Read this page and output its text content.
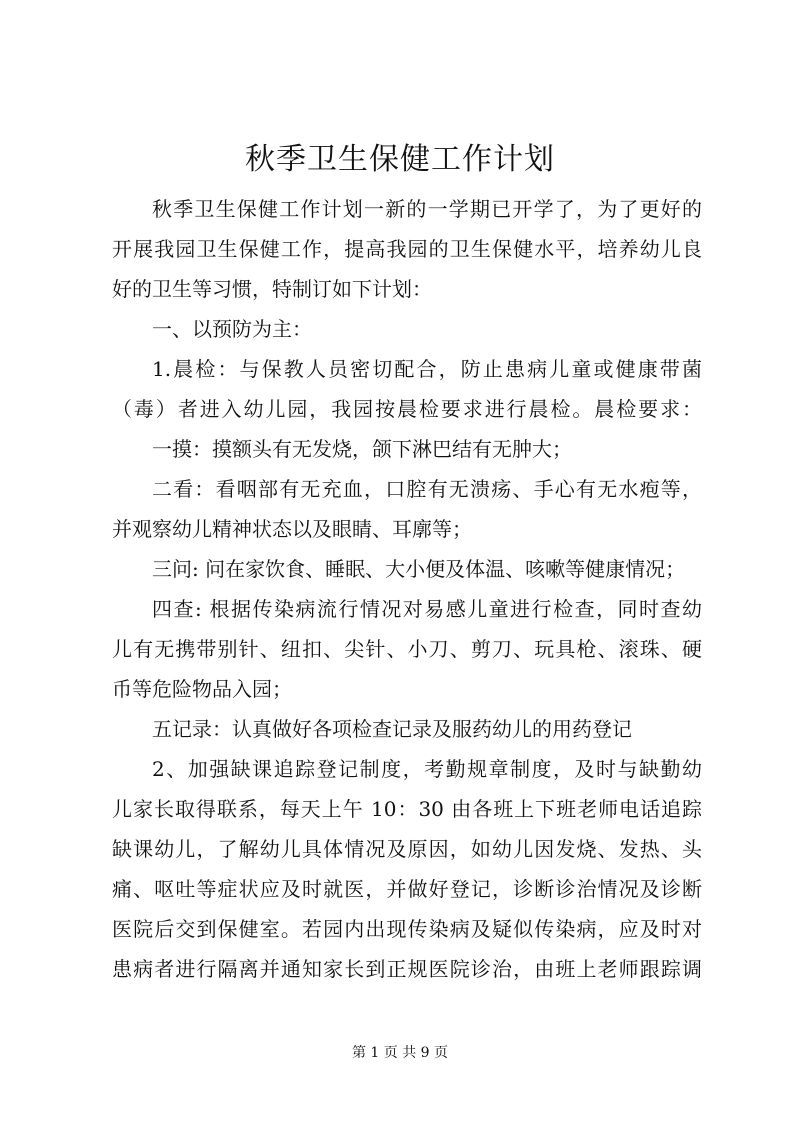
秋季卫生保健工作计划
秋季卫生保健工作计划一新的一学期已开学了，为了更好的
开展我园卫生保健工作，提高我园的卫生保健水平，培养幼儿良
好的卫生等习惯，特制订如下计划：
一、以预防为主：
1.晨检：与保教人员密切配合，防止患病儿童或健康带菌
（毒）者进入幼儿园，我园按晨检要求进行晨检。晨检要求：
一摸：摸额头有无发烧，颌下淋巴结有无肿大；
二看：看咽部有无充血，口腔有无溃疡、手心有无水疱等，
并观察幼儿精神状态以及眼睛、耳廓等；
三问: 问在家饮食、睡眠、大小便及体温、咳嗽等健康情况；
四查: 根据传染病流行情况对易感儿童进行检查，同时查幼
儿有无携带别针、纽扣、尖针、小刀、剪刀、玩具枪、滚珠、硬
币等危险物品入园；
五记录：认真做好各项检查记录及服药幼儿的用药登记
2、加强缺课追踪登记制度，考勤规章制度，及时与缺勤幼
儿家长取得联系，每天上午 10：30 由各班上下班老师电话追踪
缺课幼儿，了解幼儿具体情况及原因，如幼儿因发烧、发热、头
痛、呕吐等症状应及时就医，并做好登记，诊断诊治情况及诊断
医院后交到保健室。若园内出现传染病及疑似传染病，应及时对
患病者进行隔离并通知家长到正规医院诊治，由班上老师跟踪调
第 1 页 共 9 页
